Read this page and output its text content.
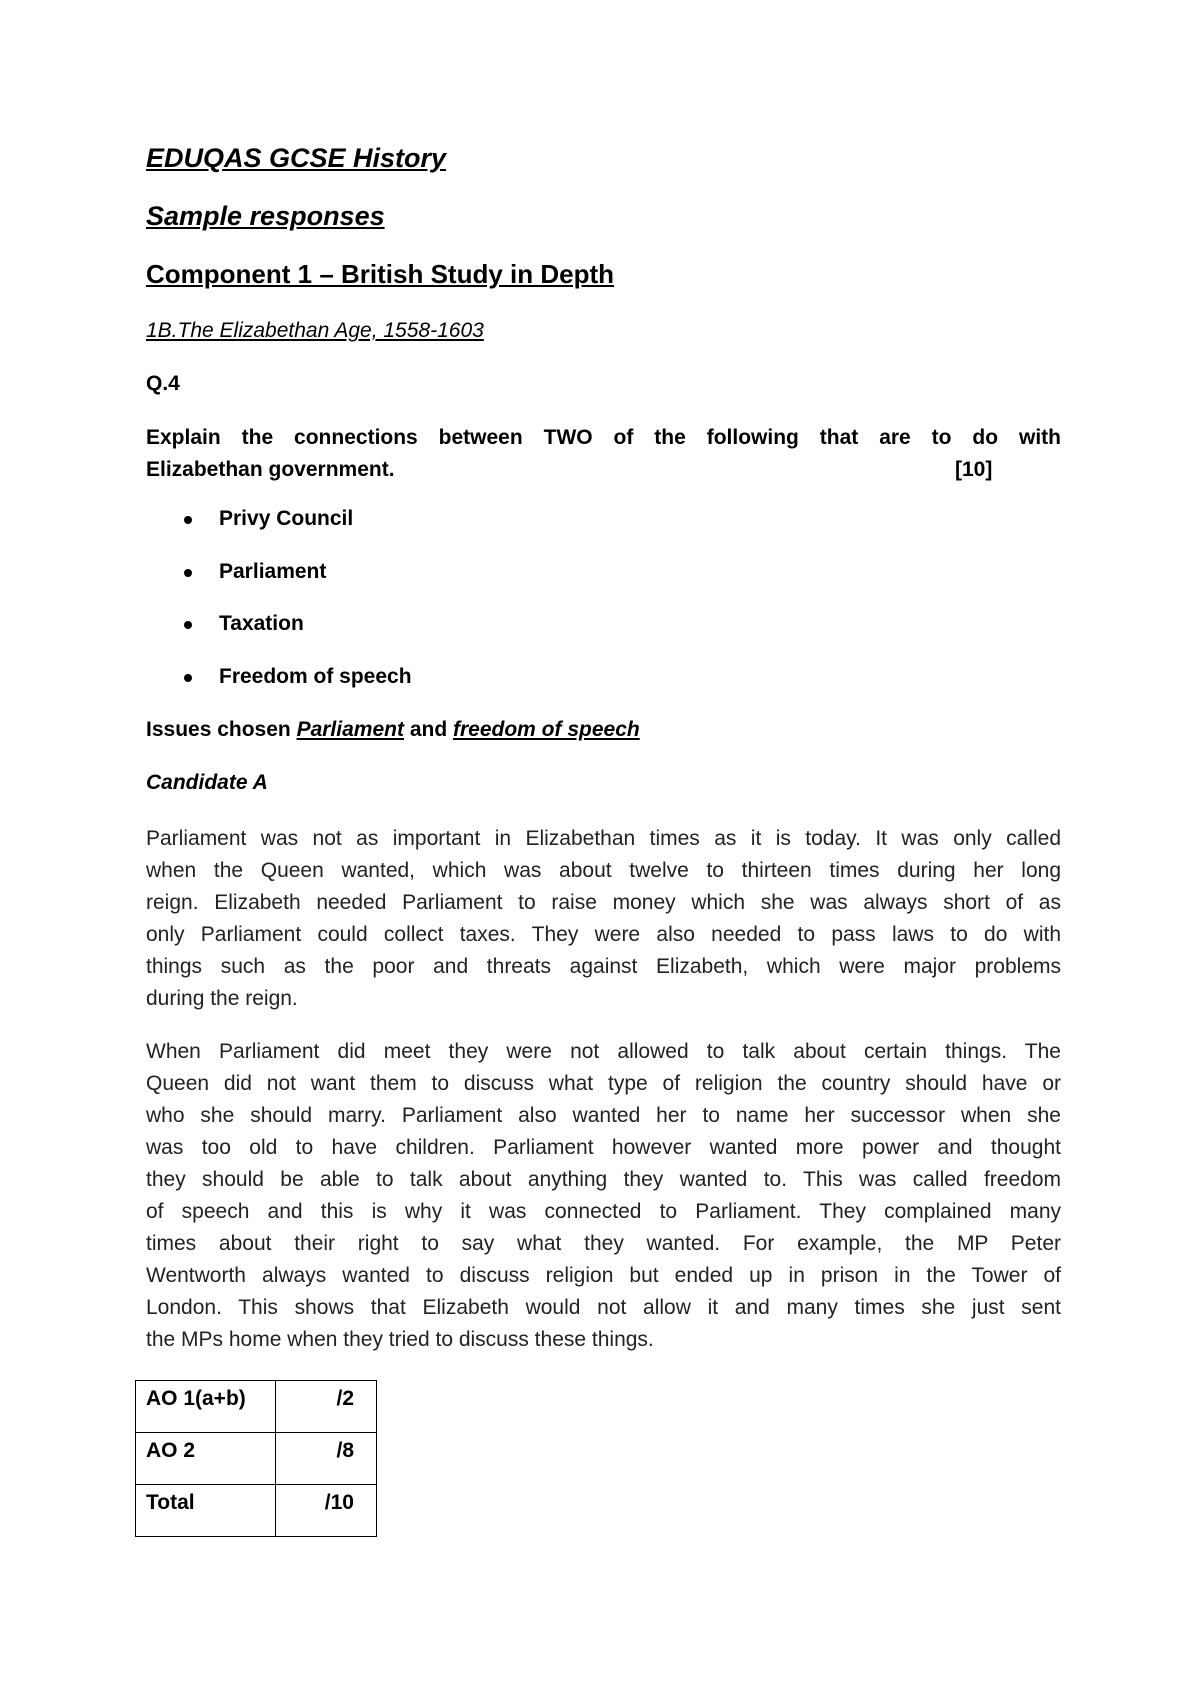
EDUQAS GCSE History
Sample responses
Component 1 – British Study in Depth
1B.The Elizabethan Age, 1558-1603
Q.4
Explain the connections between TWO of the following that are to do with
Elizabethan government.	[10]
Privy Council
Parliament
Taxation
Freedom of speech
Issues chosen Parliament and freedom of speech
Candidate A
Parliament was not as important in Elizabethan times as it is today. It was only called
when the Queen wanted, which was about twelve to thirteen times during her long
reign. Elizabeth needed Parliament to raise money which she was always short of as
only Parliament could collect taxes. They were also needed to pass laws to do with
things such as the poor and threats against Elizabeth, which were major problems
during the reign.
When Parliament did meet they were not allowed to talk about certain things. The
Queen did not want them to discuss what type of religion the country should have or
who she should marry. Parliament also wanted her to name her successor when she
was too old to have children. Parliament however wanted more power and thought
they should be able to talk about anything they wanted to. This was called freedom
of speech and this is why it was connected to Parliament. They complained many
times about their right to say what they wanted. For example, the MP Peter
Wentworth always wanted to discuss religion but ended up in prison in the Tower of
London. This shows that Elizabeth would not allow it and many times she just sent
the MPs home when they tried to discuss these things.
AO 1(a+b)	/2
AO 2	/8
Total	/10
